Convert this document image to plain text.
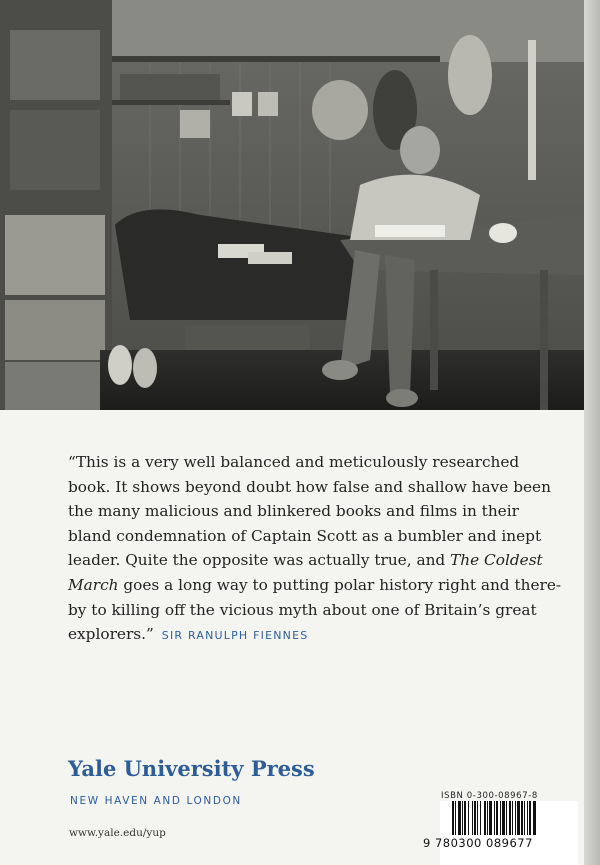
“This is a very well balanced and meticulously researched
book. It shows beyond doubt how false and shallow have been
the many malicious and blinkered books and films in their
bland condemnation of Captain Scott as a bumbler and inept
leader. Quite the opposite was actually true, and The Coldest
March goes a long way to putting polar history right and there-
by to killing off the vicious myth about one of Britain’s great
explorers.” SIR RANULPH FIENNES

Yale University Press
NEW HAVEN AND LONDON
www.yale.edu/yup
ISBN 0-300-08967-8
9 780300 089677
